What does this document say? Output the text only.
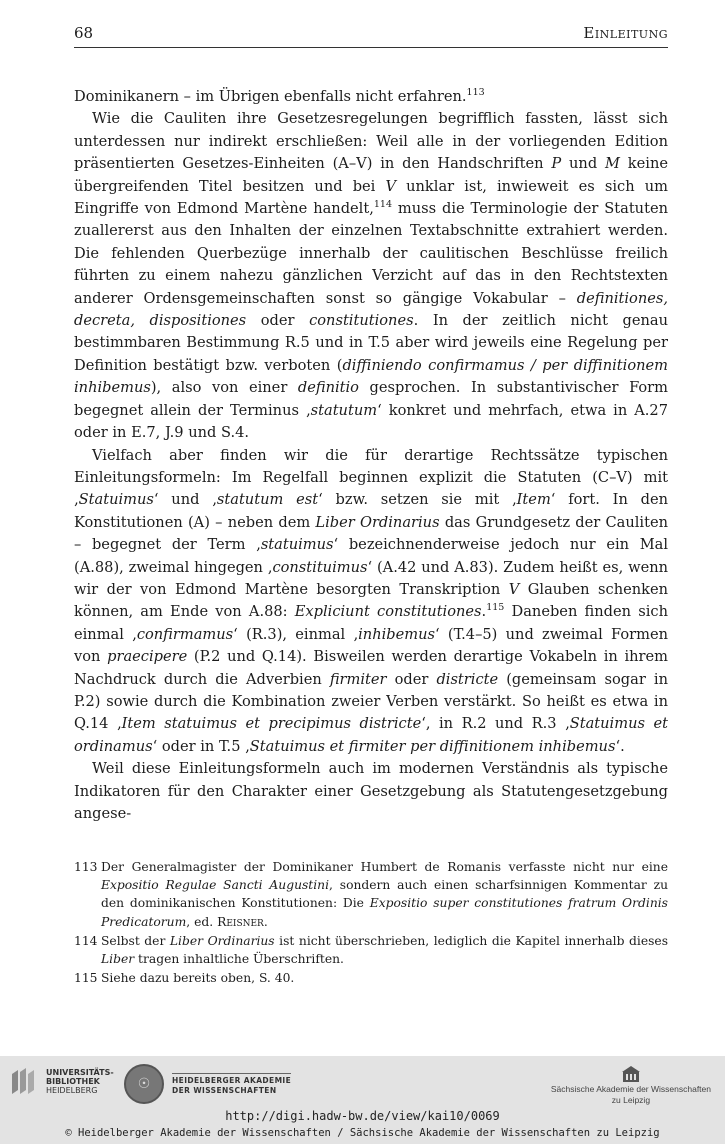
68	Einleitung

Dominikanern – im Übrigen ebenfalls nicht erfahren.$^{113}$

Wie die Cauliten ihre Gesetzesregelungen begrifflich fassten, lässt sich unterdessen nur indirekt erschließen: Weil alle in der vorliegenden Edition präsentierten Gesetzes-Einheiten (A–V) in den Handschriften P und M keine übergreifenden Titel besitzen und bei V unklar ist, inwieweit es sich um Eingriffe von Edmond Martène handelt,$^{114}$ muss die Terminologie der Statuten zuallererst aus den Inhalten der einzelnen Textabschnitte extrahiert werden. Die fehlenden Querbezüge innerhalb der caulitischen Beschlüsse freilich führten zu einem nahezu gänzlichen Verzicht auf das in den Rechtstexten anderer Ordensgemeinschaften sonst so gängige Vokabular – definitiones, decreta, dispositiones oder constitutiones. In der zeitlich nicht genau bestimmbaren Bestimmung R.5 und in T.5 aber wird jeweils eine Regelung per Definition bestätigt bzw. verboten (diffiniendo confirmamus / per diffinitionem inhibemus), also von einer definitio gesprochen. In substantivischer Form begegnet allein der Terminus ‚statutum‘ konkret und mehrfach, etwa in A.27 oder in E.7, J.9 und S.4.

Vielfach aber finden wir die für derartige Rechtssätze typischen Einleitungsformeln: Im Regelfall beginnen explizit die Statuten (C–V) mit ‚Statuimus‘ und ‚statutum est‘ bzw. setzen sie mit ‚Item‘ fort. In den Konstitutionen (A) – neben dem Liber Ordinarius das Grundgesetz der Cauliten – begegnet der Term ‚statuimus‘ bezeichnenderweise jedoch nur ein Mal (A.88), zweimal hingegen ‚constituimus‘ (A.42 und A.83). Zudem heißt es, wenn wir der von Edmond Martène besorgten Transkription V Glauben schenken können, am Ende von A.88: Expliciunt constitutiones.$^{115}$ Daneben finden sich einmal ‚confirmamus‘ (R.3), einmal ‚inhibemus‘ (T.4–5) und zweimal Formen von praecipere (P.2 und Q.14). Bisweilen werden derartige Vokabeln in ihrem Nachdruck durch die Adverbien firmiter oder districte (gemeinsam sogar in P.2) sowie durch die Kombination zweier Verben verstärkt. So heißt es etwa in Q.14 ‚Item statuimus et precipimus districte‘, in R.2 und R.3 ‚Statuimus et ordinamus‘ oder in T.5 ‚Statuimus et firmiter per diffinitionem inhibemus‘.

Weil diese Einleitungsformeln auch im modernen Verständnis als typische Indikatoren für den Charakter einer Gesetzgebung als Statutengesetzgebung angese-

113 Der Generalmagister der Dominikaner Humbert de Romanis verfasste nicht nur eine Expositio Regulae Sancti Augustini, sondern auch einen scharfsinnigen Kommentar zu den dominikanischen Konstitutionen: Die Expositio super constitutiones fratrum Ordinis Predicatorum, ed. Reisner.
114 Selbst der Liber Ordinarius ist nicht überschrieben, lediglich die Kapitel innerhalb dieses Liber tragen inhaltliche Überschriften.
115 Siehe dazu bereits oben, S. 40.
UNIVERSITÄTS-
BIBLIOTHEK
HEIDELBERG	☉	HEIDELBERGER AKADEMIE
DER WISSENSCHAFTEN	Sächsische Akademie der Wissenschaften
zu Leipzig
http://digi.hadw-bw.de/view/kai10/0069
© Heidelberger Akademie der Wissenschaften / Sächsische Akademie der Wissenschaften zu Leipzig
